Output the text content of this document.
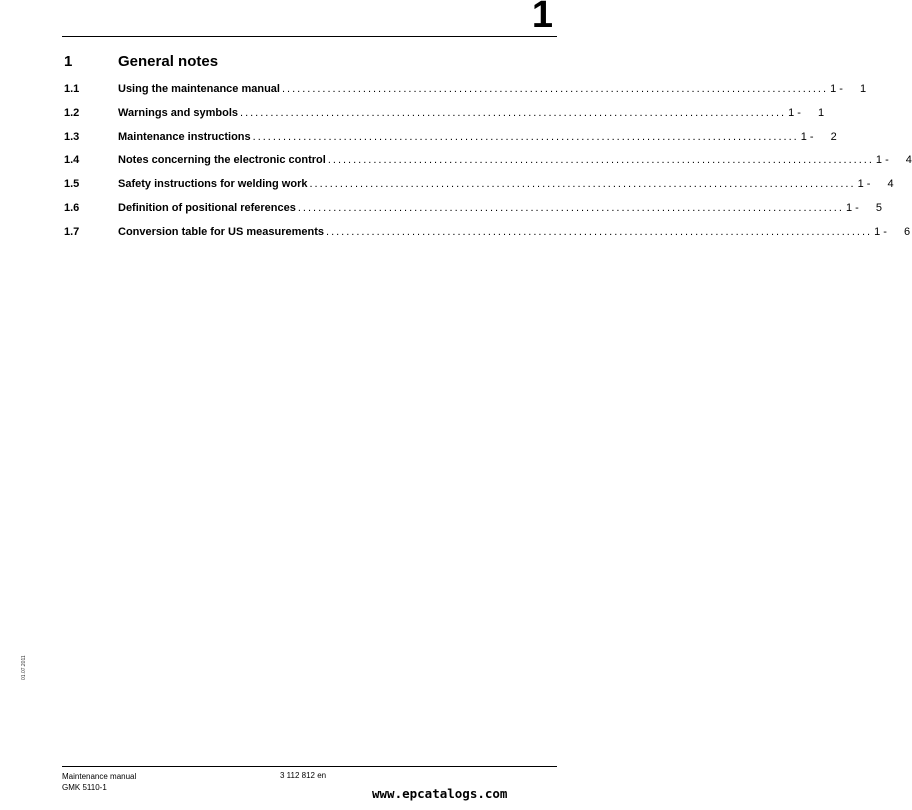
1
1	General notes
1.1	Using the maintenance manual ............................................................................................................ 1 -	1
1.2	Warnings and symbols ............................................................................................................ 1 -	1
1.3	Maintenance instructions ............................................................................................................ 1 -	2
1.4	Notes concerning the electronic control ............................................................................................................ 1 -	4
1.5	Safety instructions for welding work ............................................................................................................ 1 -	4
1.6	Definition of positional references ............................................................................................................ 1 -	5
1.7	Conversion table for US measurements ............................................................................................................ 1 -	6
01.07.2011
Maintenance manual
GMK 5110-1
3 112 812 en
www.epcatalogs.com
